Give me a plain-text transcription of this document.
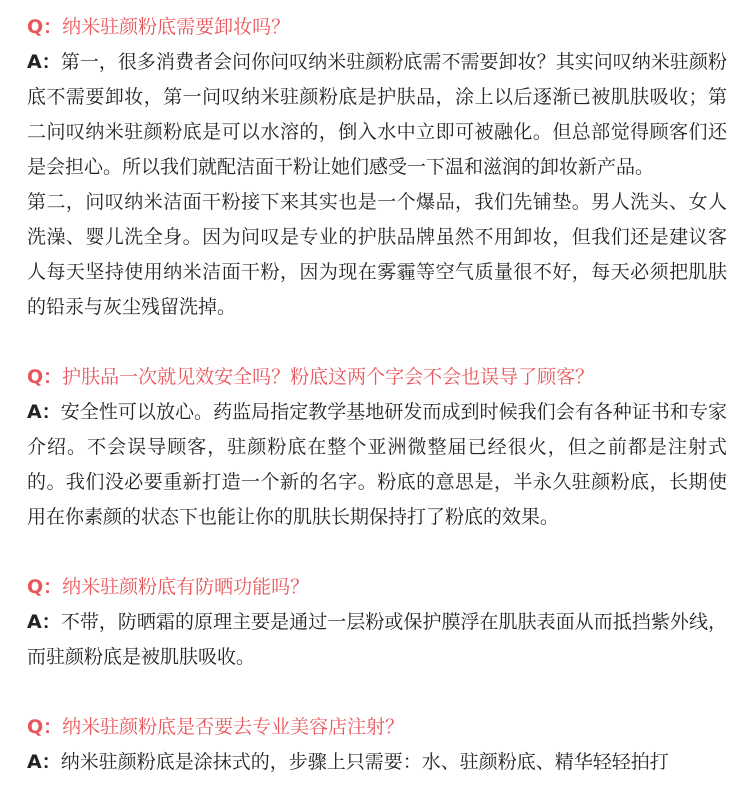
Q：纳米驻颜粉底需要卸妆吗？

A：第一，很多消费者会问你问叹纳米驻颜粉底需不需要卸妆？其实问叹纳米驻颜粉底不需要卸妆，第一问叹纳米驻颜粉底是护肤品，涂上以后逐渐已被肌肤吸收；第二问叹纳米驻颜粉底是可以水溶的，倒入水中立即可被融化。但总部觉得顾客们还是会担心。所以我们就配洁面干粉让她们感受一下温和滋润的卸妆新产品。

第二，问叹纳米洁面干粉接下来其实也是一个爆品，我们先铺垫。男人洗头、女人洗澡、婴儿洗全身。因为问叹是专业的护肤品牌虽然不用卸妆，但我们还是建议客人每天坚持使用纳米洁面干粉，因为现在雾霾等空气质量很不好，每天必须把肌肤的铅汞与灰尘残留洗掉。

Q：护肤品一次就见效安全吗？粉底这两个字会不会也误导了顾客？

A：安全性可以放心。药监局指定教学基地研发而成到时候我们会有各种证书和专家介绍。不会误导顾客，驻颜粉底在整个亚洲微整届已经很火，但之前都是注射式的。我们没必要重新打造一个新的名字。粉底的意思是，半永久驻颜粉底，长期使用在你素颜的状态下也能让你的肌肤长期保持打了粉底的效果。

Q：纳米驻颜粉底有防晒功能吗？

A：不带，防晒霜的原理主要是通过一层粉或保护膜浮在肌肤表面从而抵挡紫外线，而驻颜粉底是被肌肤吸收。

Q：纳米驻颜粉底是否要去专业美容店注射？

A：纳米驻颜粉底是涂抹式的，步骤上只需要：水、驻颜粉底、精华轻轻拍打
